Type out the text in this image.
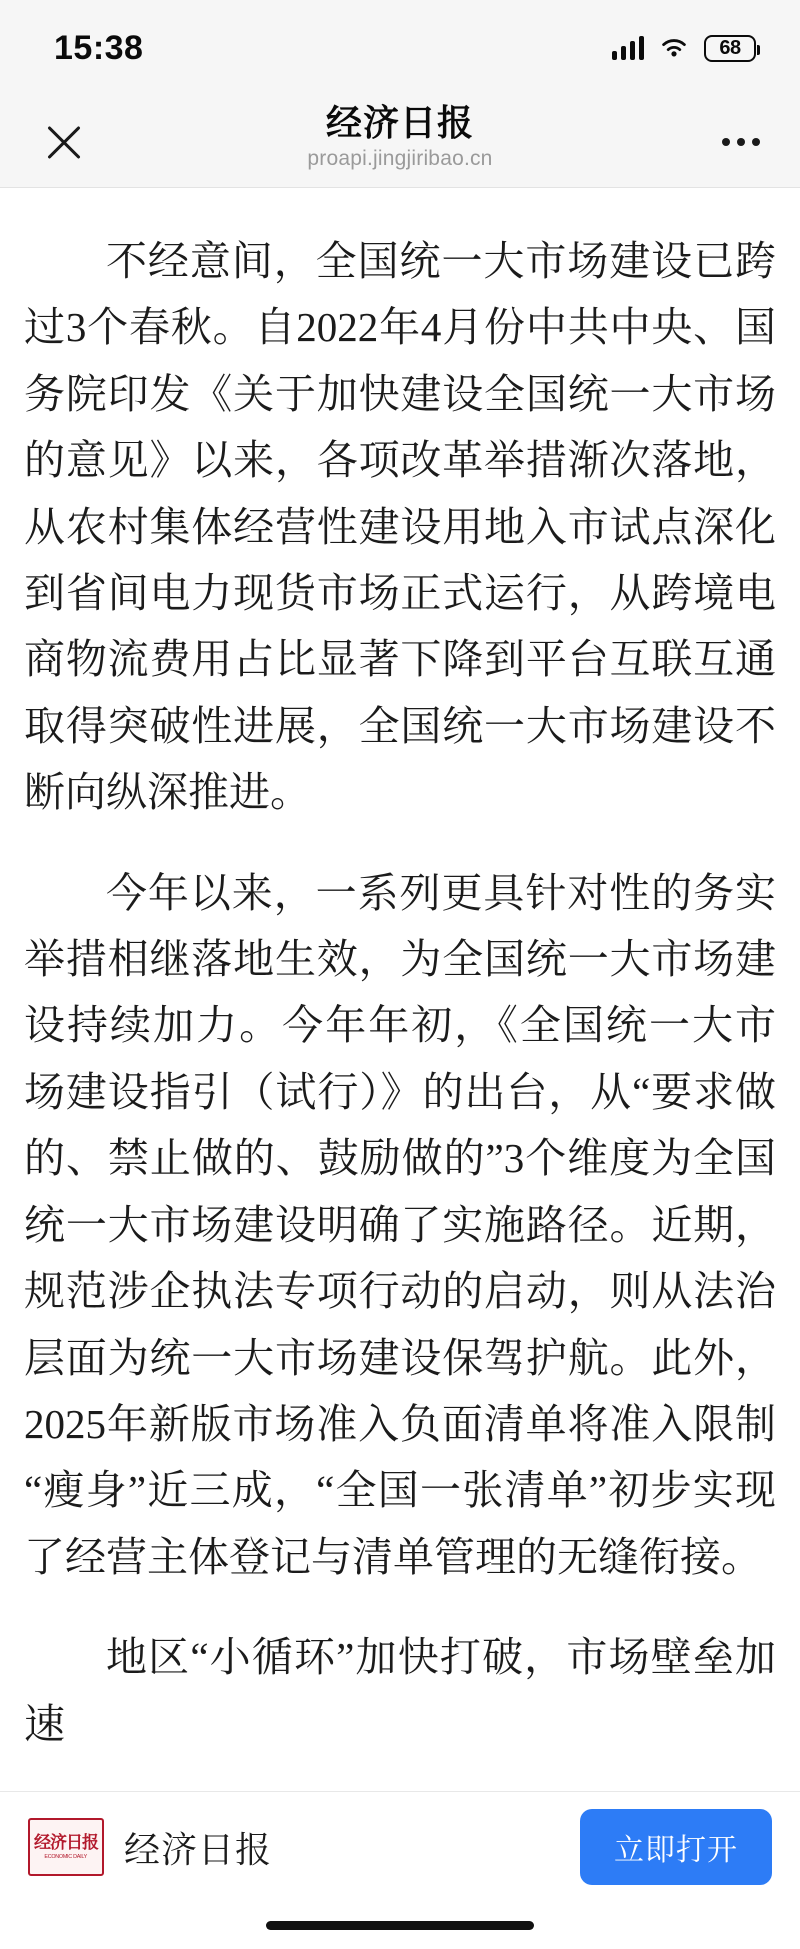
15:38	68
经济日报
proapi.jingjiribao.cn

不经意间，全国统一大市场建设已跨过3个春秋。自2022年4月份中共中央、国务院印发《关于加快建设全国统一大市场的意见》以来，各项改革举措渐次落地，从农村集体经营性建设用地入市试点深化到省间电力现货市场正式运行，从跨境电商物流费用占比显著下降到平台互联互通取得突破性进展，全国统一大市场建设不断向纵深推进。

今年以来，一系列更具针对性的务实举措相继落地生效，为全国统一大市场建设持续加力。今年年初，《全国统一大市场建设指引（试行）》的出台，从“要求做的、禁止做的、鼓励做的”3个维度为全国统一大市场建设明确了实施路径。近期，规范涉企执法专项行动的启动，则从法治层面为统一大市场建设保驾护航。此外，2025年新版市场准入负面清单将准入限制“瘦身”近三成，“全国一张清单”初步实现了经营主体登记与清单管理的无缝衔接。

地区“小循环”加快打破，市场壁垒加速

经济日报
ECONOMIC DAILY 经济日报	立即打开
